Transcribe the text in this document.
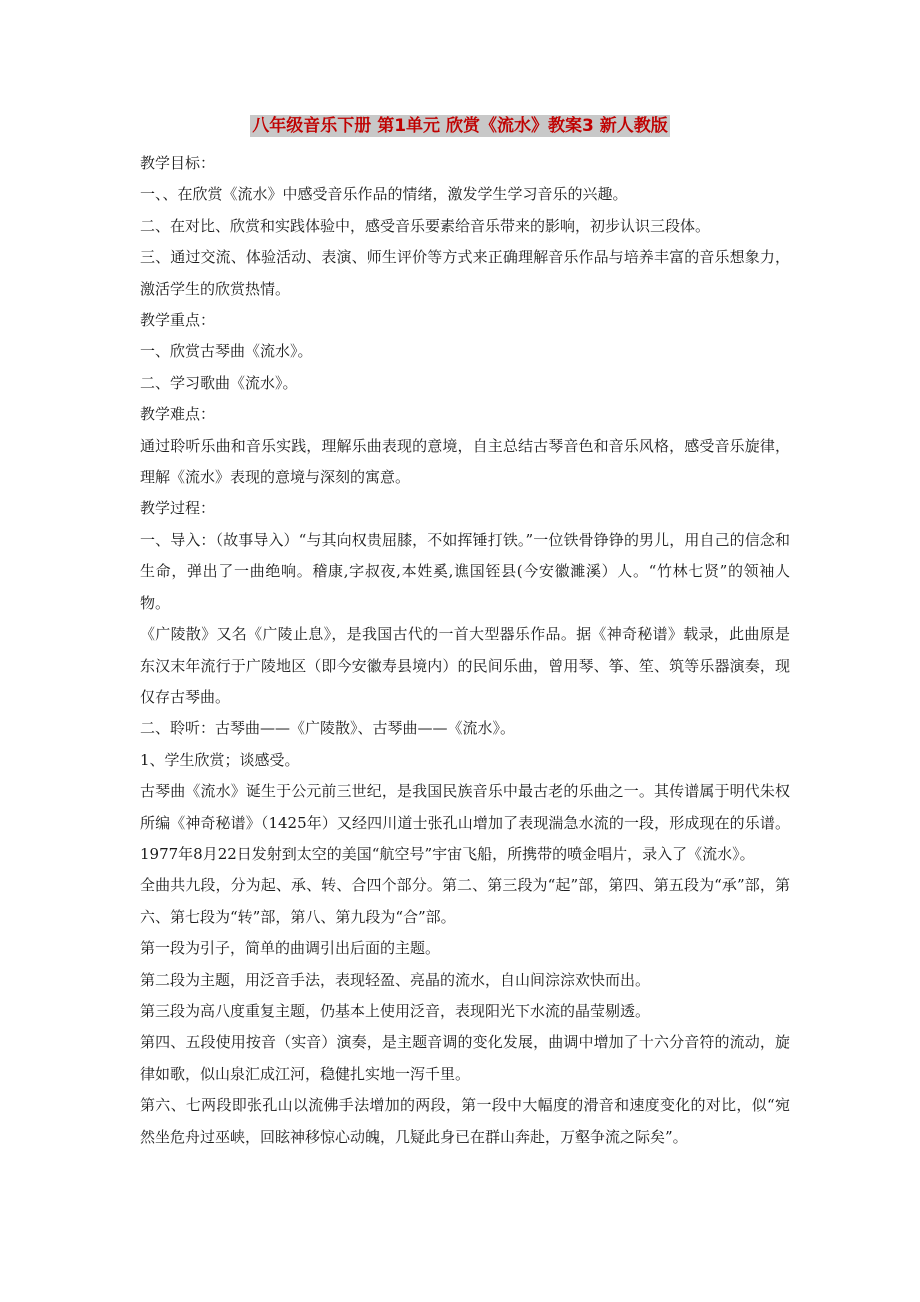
八年级音乐下册 第1单元 欣赏《流水》教案3 新人教版

教学目标：

一、、在欣赏《流水》中感受音乐作品的情绪，激发学生学习音乐的兴趣。

二、在对比、欣赏和实践体验中，感受音乐要素给音乐带来的影响，初步认识三段体。

三、通过交流、体验活动、表演、师生评价等方式来正确理解音乐作品与培养丰富的音乐想象力，激活学生的欣赏热情。

教学重点：

一、欣赏古琴曲《流水》。

二、学习歌曲《流水》。

教学难点：

通过聆听乐曲和音乐实践，理解乐曲表现的意境，自主总结古琴音色和音乐风格，感受音乐旋律，理解《流水》表现的意境与深刻的寓意。

教学过程：

一、导入：（故事导入）“与其向权贵屈膝，不如挥锤打铁。”一位铁骨铮铮的男儿，用自己的信念和生命，弹出了一曲绝响。稽康,字叔夜,本姓奚,谯国铚县(今安徽濉溪）人。“竹林七贤”的领袖人物。

《广陵散》又名《广陵止息》，是我国古代的一首大型器乐作品。据《神奇秘谱》载录，此曲原是东汉末年流行于广陵地区（即今安徽寿县境内）的民间乐曲，曾用琴、筝、笙、筑等乐器演奏，现仅存古琴曲。

二、聆听：古琴曲——《广陵散》、古琴曲——《流水》。

1、学生欣赏；谈感受。

古琴曲《流水》诞生于公元前三世纪，是我国民族音乐中最古老的乐曲之一。其传谱属于明代朱权所编《神奇秘谱》（1425年）又经四川道士张孔山增加了表现湍急水流的一段，形成现在的乐谱。1977年8月22日发射到太空的美国“航空号”宇宙飞船，所携带的喷金唱片，录入了《流水》。

全曲共九段，分为起、承、转、合四个部分。第二、第三段为“起”部，第四、第五段为“承”部，第六、第七段为“转”部，第八、第九段为“合”部。

第一段为引子，简单的曲调引出后面的主题。

第二段为主题，用泛音手法，表现轻盈、亮晶的流水，自山间淙淙欢快而出。

第三段为高八度重复主题，仍基本上使用泛音，表现阳光下水流的晶莹剔透。

第四、五段使用按音（实音）演奏，是主题音调的变化发展，曲调中增加了十六分音符的流动，旋律如歌，似山泉汇成江河，稳健扎实地一泻千里。

第六、七两段即张孔山以流佛手法增加的两段，第一段中大幅度的滑音和速度变化的对比，似“宛然坐危舟过巫峡，回眩神移惊心动魄，几疑此身已在群山奔赴，万壑争流之际矣”。
